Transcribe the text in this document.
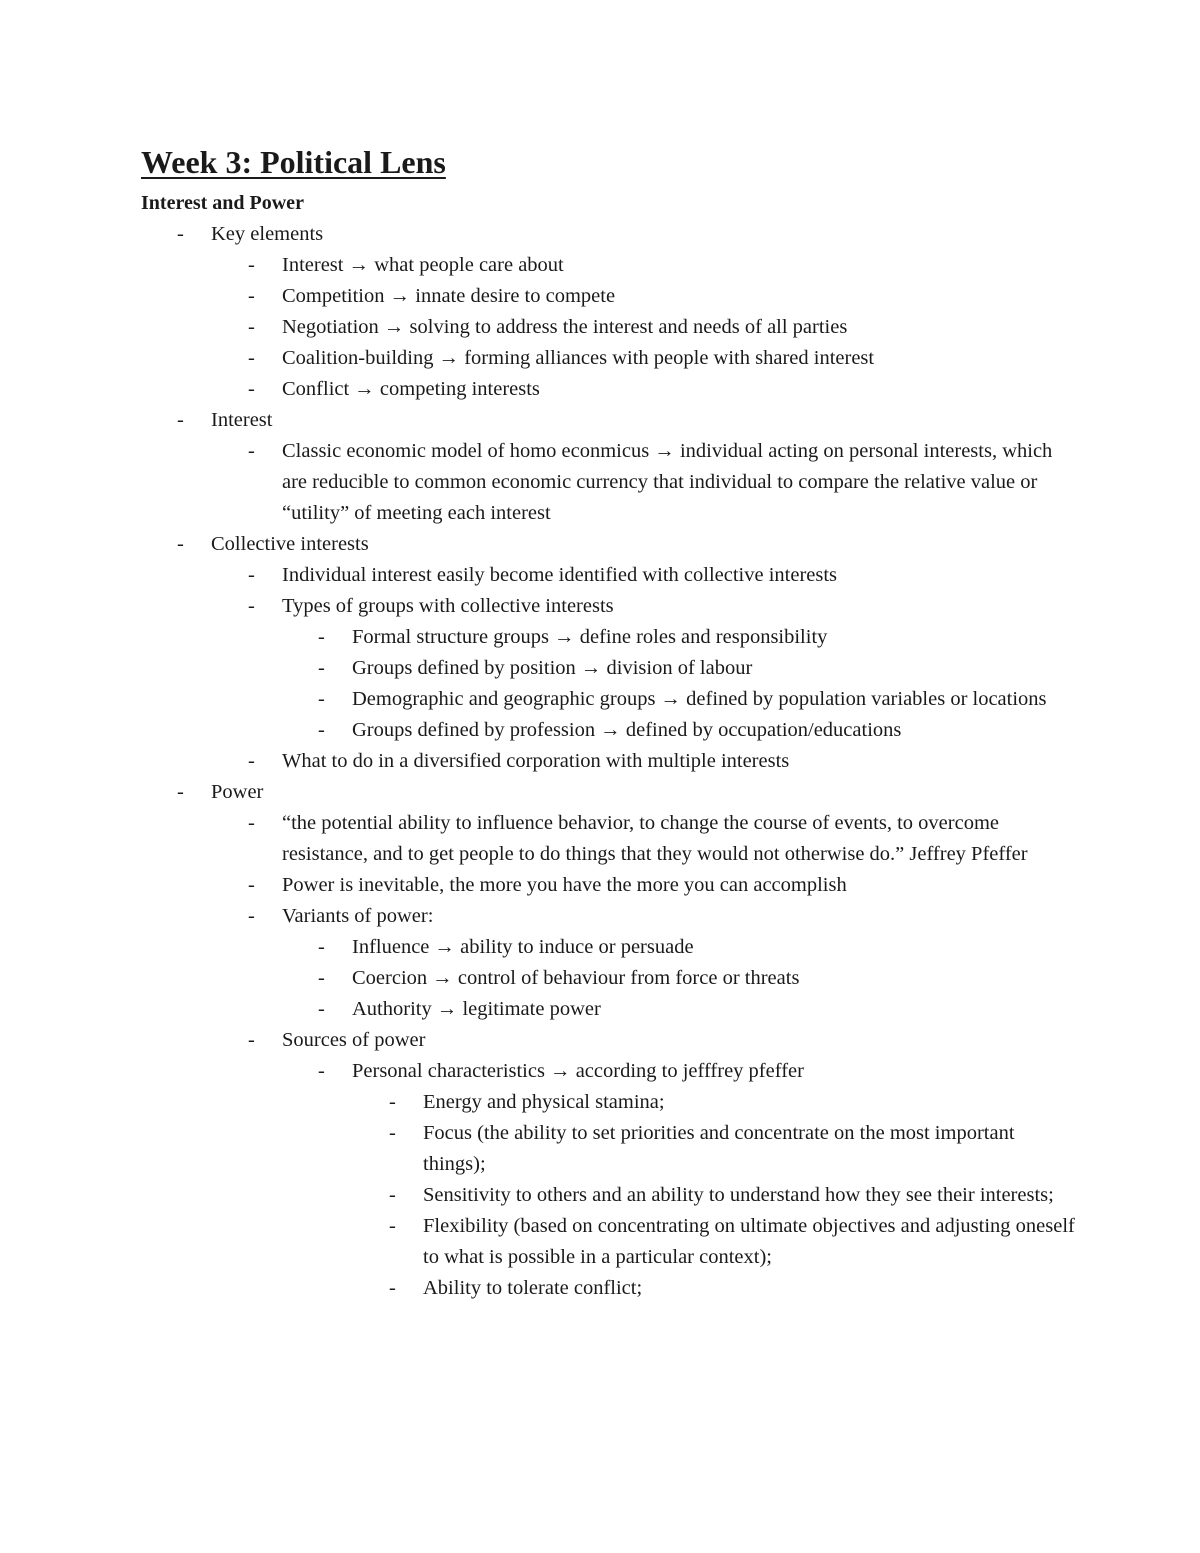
Week 3: Political Lens
Interest and Power
- Key elements
- Interest → what people care about
- Competition → innate desire to compete
- Negotiation → solving to address the interest and needs of all parties
- Coalition-building → forming alliances with people with shared interest
- Conflict → competing interests
- Interest
- Classic economic model of homo econmicus → individual acting on personal interests, which are reducible to common economic currency that individual to compare the relative value or “utility” of meeting each interest
- Collective interests
- Individual interest easily become identified with collective interests
- Types of groups with collective interests
- Formal structure groups → define roles and responsibility
- Groups defined by position → division of labour
- Demographic and geographic groups → defined by population variables or locations
- Groups defined by profession → defined by occupation/educations
- What to do in a diversified corporation with multiple interests
- Power
- “the potential ability to influence behavior, to change the course of events, to overcome resistance, and to get people to do things that they would not otherwise do.” Jeffrey Pfeffer
- Power is inevitable, the more you have the more you can accomplish
- Variants of power:
- Influence → ability to induce or persuade
- Coercion → control of behaviour from force or threats
- Authority → legitimate power
- Sources of power
- Personal characteristics → according to jefffrey pfeffer
- Energy and physical stamina;
- Focus (the ability to set priorities and concentrate on the most important things);
- Sensitivity to others and an ability to understand how they see their interests;
- Flexibility (based on concentrating on ultimate objectives and adjusting oneself to what is possible in a particular context);
- Ability to tolerate conflict;
